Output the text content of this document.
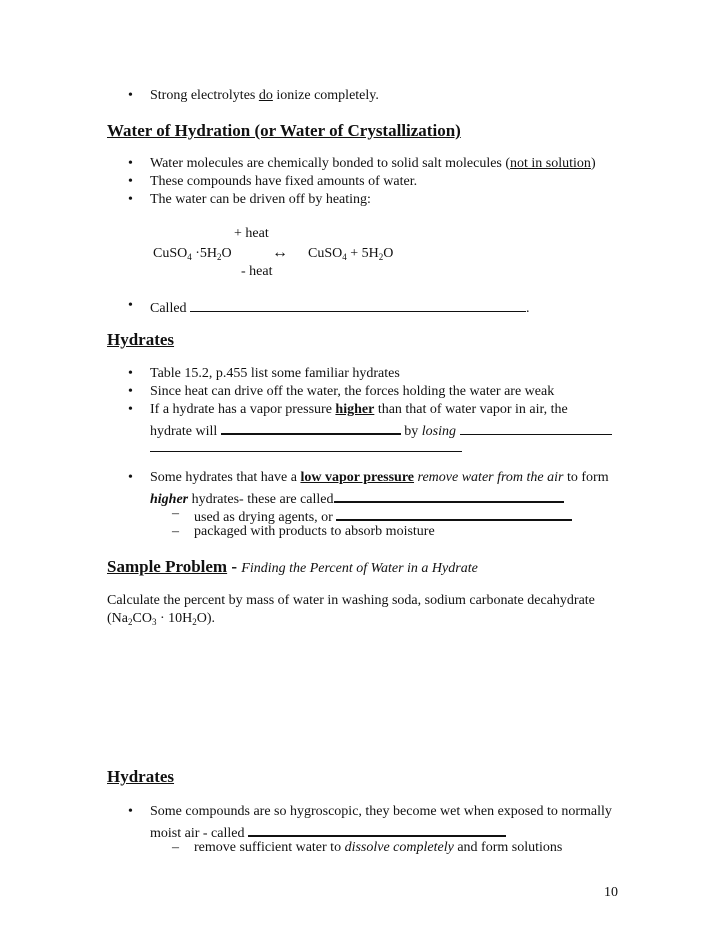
• Strong electrolytes do ionize completely.
Water of Hydration (or Water of Crystallization)
• Water molecules are chemically bonded to solid salt molecules (not in solution)
• These compounds have fixed amounts of water.
• The water can be driven off by heating:
+ heat
CuSO$_4$ $\cdot 5H_2O$	↔ CuSO$_4$ + $5H_2O$
- heat
• Called	.
Hydrates
• Table 15.2, p.455 list some familiar hydrates
• Since heat can drive off the water, the forces holding the water are weak
• If a hydrate has a vapor pressure higher than that of water vapor in air, the
hydrate will	by losing
• Some hydrates that have a low vapor pressure remove water from the air to form
higher hydrates- these are called
– used as drying agents, or
– packaged with products to absorb moisture
Sample Problem - Finding the Percent of Water in a Hydrate
Calculate the percent by mass of water in washing soda, sodium carbonate decahydrate
$(Na_2CO_3 \cdot 10H_2O)$.
Hydrates
• Some compounds are so hygroscopic, they become wet when exposed to normally
moist air - called
– remove sufficient water to dissolve completely and form solutions
10
